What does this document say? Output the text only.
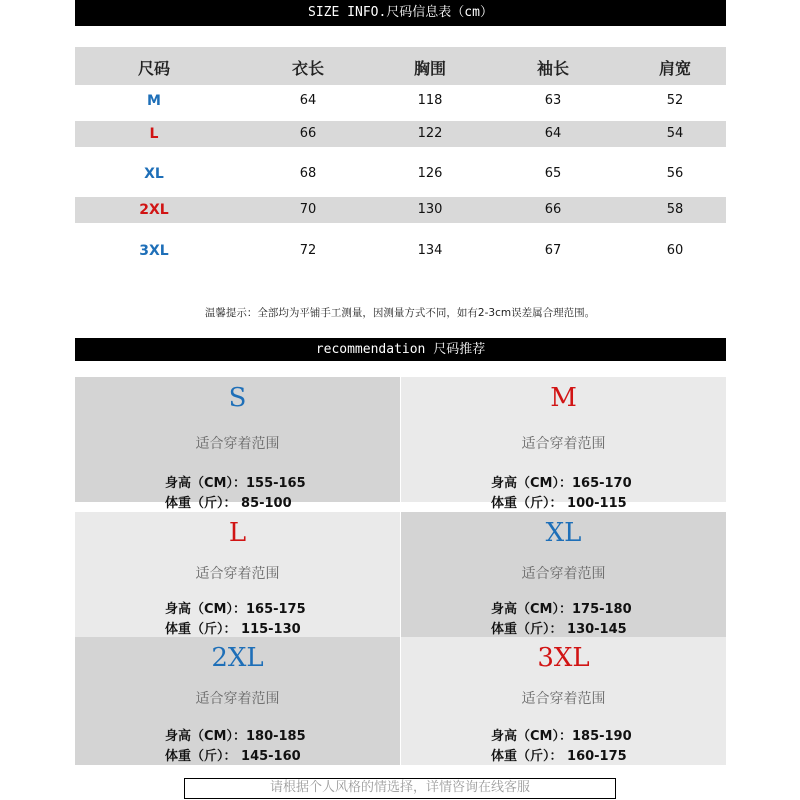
SIZE INFO.尺码信息表（cm）
尺码	衣长	胸围	袖长	肩宽
M	64	118	63	52
L	66	122	64	54
XL	68	126	65	56
2XL	70	130	66	58
3XL	72	134	67	60
温馨提示：全部均为平铺手工测量，因测量方式不同，如有2-3cm误差属合理范围。
recommendation 尺码推荐
S
适合穿着范围
身高（CM）：155-165
体重（斤）： 85-100
M
适合穿着范围
身高（CM）：165-170
体重（斤）： 100-115
L
适合穿着范围
身高（CM）：165-175
体重（斤）： 115-130
XL
适合穿着范围
身高（CM）：175-180
体重（斤）： 130-145
2XL
适合穿着范围
身高（CM）：180-185
体重（斤）： 145-160
3XL
适合穿着范围
身高（CM）：185-190
体重（斤）： 160-175
请根据个人风格的情选择，详情咨询在线客服
